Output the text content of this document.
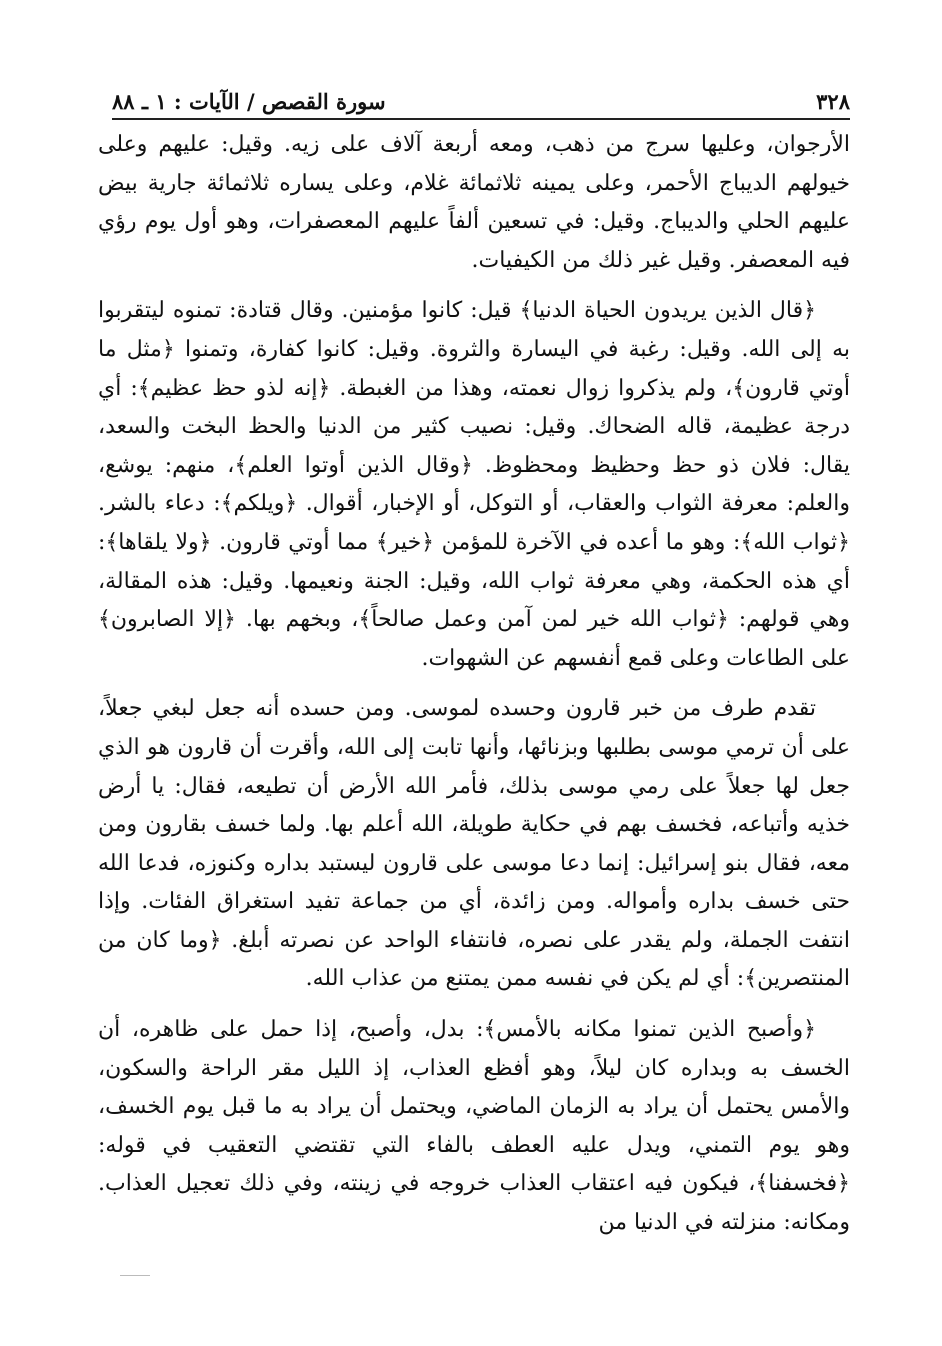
٣٢٨
سورة القصص / الآيات : ١ ـ ٨٨

الأرجوان، وعليها سرج من ذهب، ومعه أربعة آلاف على زيه. وقيل: عليهم وعلى خيولهم الديباج الأحمر، وعلى يمينه ثلاثمائة غلام، وعلى يساره ثلاثمائة جارية بيض عليهم الحلي والديباج. وقيل: في تسعين ألفاً عليهم المعصفرات، وهو أول يوم رؤي فيه المعصفر. وقيل غير ذلك من الكيفيات.

﴿قال الذين يريدون الحياة الدنيا﴾ قيل: كانوا مؤمنين. وقال قتادة: تمنوه ليتقربوا به إلى الله. وقيل: رغبة في اليسارة والثروة. وقيل: كانوا كفارة، وتمنوا ﴿مثل ما أوتي قارون﴾، ولم يذكروا زوال نعمته، وهذا من الغبطة. ﴿إنه لذو حظ عظيم﴾: أي درجة عظيمة، قاله الضحاك. وقيل: نصيب كثير من الدنيا والحظ البخت والسعد، يقال: فلان ذو حظ وحظيظ ومحظوظ. ﴿وقال الذين أوتوا العلم﴾، منهم: يوشع، والعلم: معرفة الثواب والعقاب، أو التوكل، أو الإخبار، أقوال. ﴿ويلكم﴾: دعاء بالشر. ﴿ثواب الله﴾: وهو ما أعده في الآخرة للمؤمن ﴿خير﴾ مما أوتي قارون. ﴿ولا يلقاها﴾: أي هذه الحكمة، وهي معرفة ثواب الله، وقيل: الجنة ونعيمها. وقيل: هذه المقالة، وهي قولهم: ﴿ثواب الله خير لمن آمن وعمل صالحاً﴾، وبخهم بها. ﴿إلا الصابرون﴾ على الطاعات وعلى قمع أنفسهم عن الشهوات.

تقدم طرف من خبر قارون وحسده لموسى. ومن حسده أنه جعل لبغي جعلاً، على أن ترمي موسى بطلبها وبزنائها، وأنها تابت إلى الله، وأقرت أن قارون هو الذي جعل لها جعلاً على رمي موسى بذلك، فأمر الله الأرض أن تطيعه، فقال: يا أرض خذيه وأتباعه، فخسف بهم في حكاية طويلة، الله أعلم بها. ولما خسف بقارون ومن معه، فقال بنو إسرائيل: إنما دعا موسى على قارون ليستبد بداره وكنوزه، فدعا الله حتى خسف بداره وأمواله. ومن زائدة، أي من جماعة تفيد استغراق الفئات. وإذا انتفت الجملة، ولم يقدر على نصره، فانتفاء الواحد عن نصرته أبلغ. ﴿وما كان من المنتصرين﴾: أي لم يكن في نفسه ممن يمتنع من عذاب الله.

﴿وأصبح الذين تمنوا مكانه بالأمس﴾: بدل، وأصبح، إذا حمل على ظاهره، أن الخسف به وبداره كان ليلاً، وهو أفظع العذاب، إذ الليل مقر الراحة والسكون، والأمس يحتمل أن يراد به الزمان الماضي، ويحتمل أن يراد به ما قبل يوم الخسف، وهو يوم التمني، ويدل عليه العطف بالفاء التي تقتضي التعقيب في قوله: ﴿فخسفنا﴾، فيكون فيه اعتقاب العذاب خروجه في زينته، وفي ذلك تعجيل العذاب. ومكانه: منزلته في الدنيا من
